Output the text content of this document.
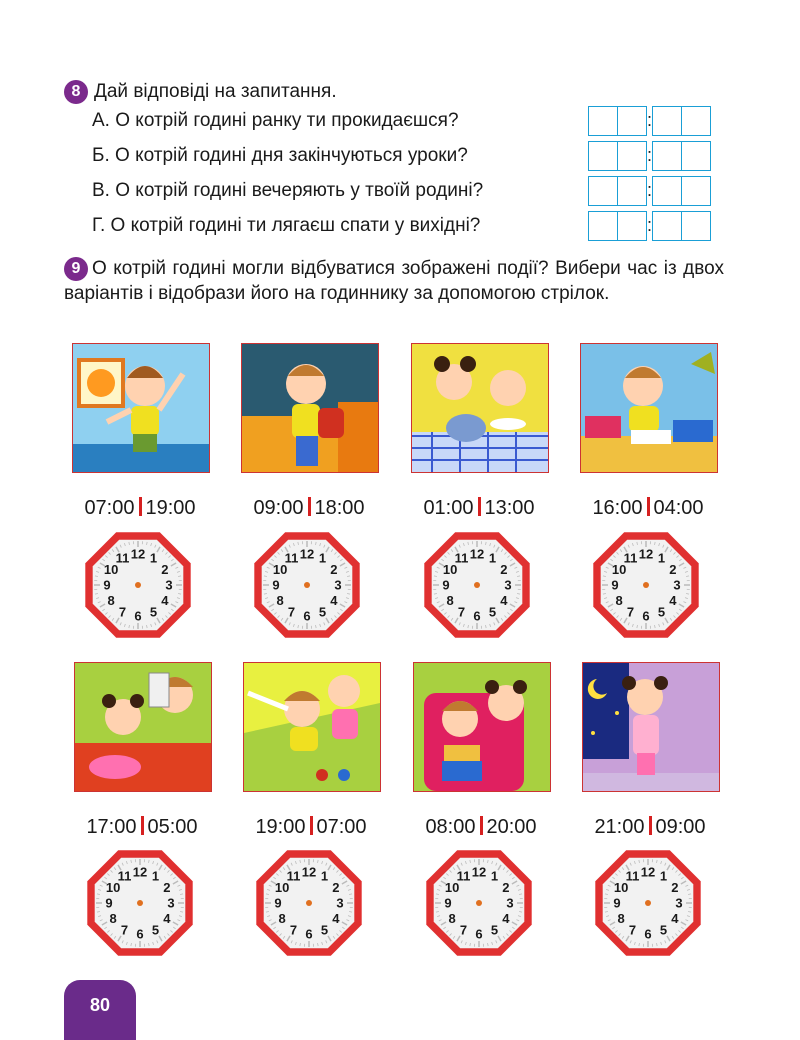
8 Дай відповіді на запитання.
А. О котрій годині ранку ти прокидаєшся?
Б. О котрій годині дня закінчуються уроки?
В. О котрій годині вечеряють у твоїй родині?
Г. О котрій годині ти лягаєш спати у вихідні?
:
:
:
:
9 О котрій годині могли відбуватися зображені події? Вибери час із двох варіантів і відобрази його на годиннику за допомогою стрілок.
07:00 19:00	09:00 18:00	01:00 13:00	16:00 04:00
12 1
2
3
4
5
6
7
8
9
10
11	12 1
2
3
4
5
6
7
8
9
10
11	12 1
2
3
4
5
6
7
8
9
10
11	12 1
2
3
4
5
6
7
8
9
10
11
17:00 05:00	19:00 07:00	08:00 20:00	21:00 09:00
12 1
2
3
4
5
6
7
8
9
10
11	12 1
2
3
4
5
6
7
8
9
10
11	12 1
2
3
4
5
6
7
8
9
10
11	12 1
2
3
4
5
6
7
8
9
10
11
80
